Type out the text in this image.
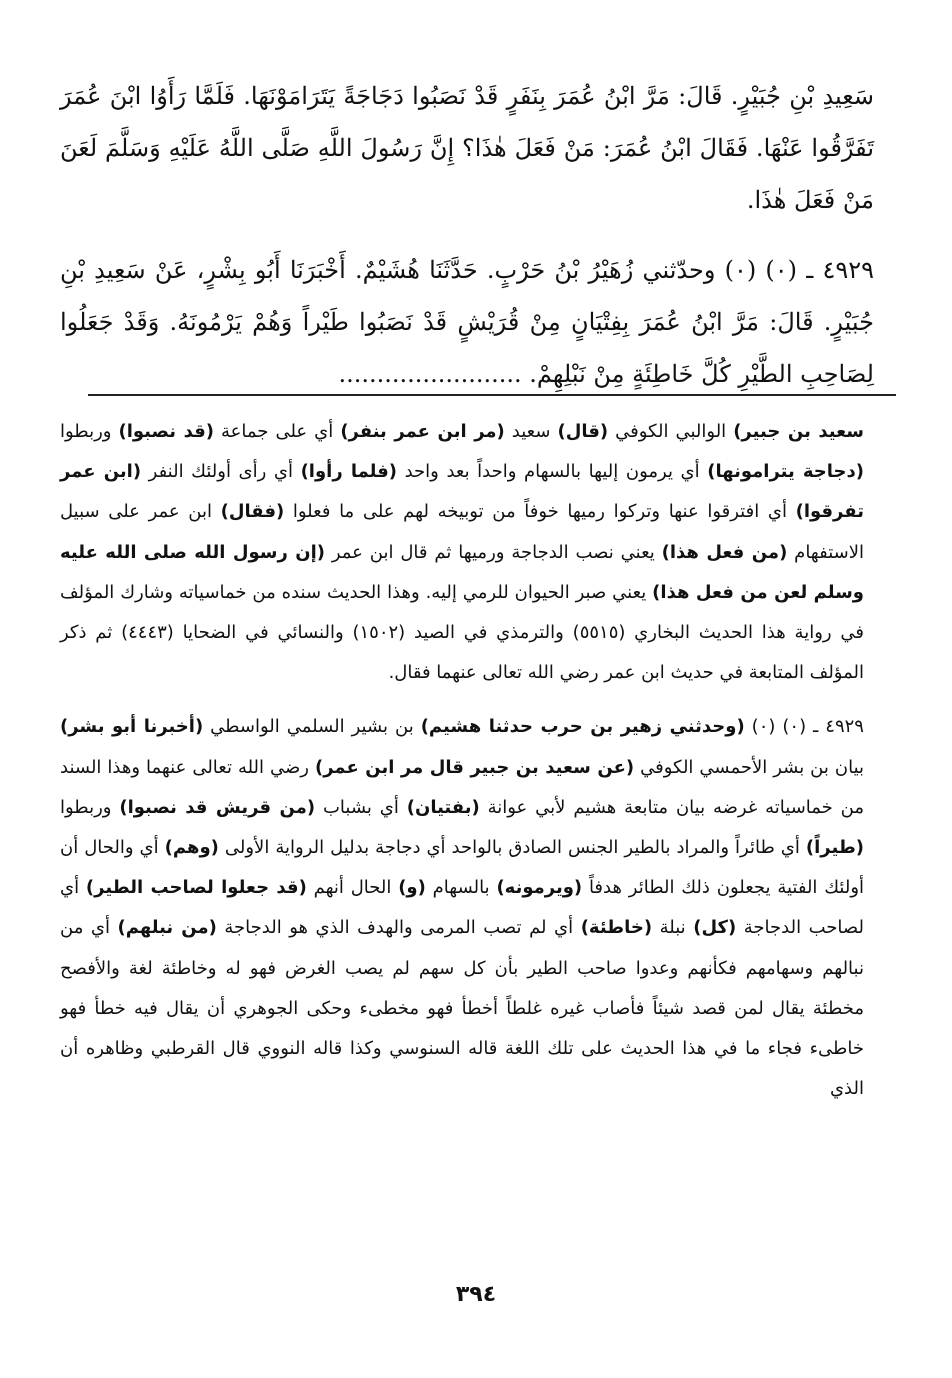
سَعِيدِ بْنِ جُبَيْرٍ. قَالَ: مَرَّ ابْنُ عُمَرَ بِنَفَرٍ قَدْ نَصَبُوا دَجَاجَةً يَتَرَامَوْنَهَا. فَلَمَّا رَأَوُا ابْنَ عُمَرَ تَفَرَّقُوا عَنْهَا. فَقَالَ ابْنُ عُمَرَ: مَنْ فَعَلَ هٰذَا؟ إِنَّ رَسُولَ اللَّهِ صَلَّى اللَّهُ عَلَيْهِ وَسَلَّمَ لَعَنَ مَنْ فَعَلَ هٰذَا.

٤٩٢٩ ـ (٠) (٠) وحدّثني زُهَيْرُ بْنُ حَرْبٍ. حَدَّثَنَا هُشَيْمٌ. أَخْبَرَنَا أَبُو بِشْرٍ، عَنْ سَعِيدِ بْنِ جُبَيْرٍ. قَالَ: مَرَّ ابْنُ عُمَرَ بِفِتْيَانٍ مِنْ قُرَيْشٍ قَدْ نَصَبُوا طَيْراً وَهُمْ يَرْمُونَهُ. وَقَدْ جَعَلُوا لِصَاحِبِ الطَّيْرِ كُلَّ خَاطِئَةٍ مِنْ نَبْلِهِمْ. ........................

سعيد بن جبير) الوالبي الكوفي (قال) سعيد (مر ابن عمر بنفر) أي على جماعة (قد نصبوا) وربطوا (دجاجة يترامونها) أي يرمون إليها بالسهام واحداً بعد واحد (فلما رأوا) أي رأى أولئك النفر (ابن عمر تفرقوا) أي افترقوا عنها وتركوا رميها خوفاً من توبيخه لهم على ما فعلوا (فقال) ابن عمر على سبيل الاستفهام (من فعل هذا) يعني نصب الدجاجة ورميها ثم قال ابن عمر (إن رسول الله صلى الله عليه وسلم لعن من فعل هذا) يعني صبر الحيوان للرمي إليه. وهذا الحديث سنده من خماسياته وشارك المؤلف في رواية هذا الحديث البخاري (٥٥١٥) والترمذي في الصيد (١٥٠٢) والنسائي في الضحايا (٤٤٤٣) ثم ذكر المؤلف المتابعة في حديث ابن عمر رضي الله تعالى عنهما فقال.

٤٩٢٩ ـ (٠) (٠) (وحدثني زهير بن حرب حدثنا هشيم) بن بشير السلمي الواسطي (أخبرنا أبو بشر) بيان بن بشر الأحمسي الكوفي (عن سعيد بن جبير قال مر ابن عمر) رضي الله تعالى عنهما وهذا السند من خماسياته غرضه بيان متابعة هشيم لأبي عوانة (بفتيان) أي بشباب (من قريش قد نصبوا) وربطوا (طيراً) أي طائراً والمراد بالطير الجنس الصادق بالواحد أي دجاجة بدليل الرواية الأولى (وهم) أي والحال أن أولئك الفتية يجعلون ذلك الطائر هدفاً (ويرمونه) بالسهام (و) الحال أنهم (قد جعلوا لصاحب الطير) أي لصاحب الدجاجة (كل) نبلة (خاطئة) أي لم تصب المرمى والهدف الذي هو الدجاجة (من نبلهم) أي من نبالهم وسهامهم فكأنهم وعدوا صاحب الطير بأن كل سهم لم يصب الغرض فهو له وخاطئة لغة والأفصح مخطئة يقال لمن قصد شيئاً فأصاب غيره غلطاً أخطأ فهو مخطىء وحكى الجوهري أن يقال فيه خطأ فهو خاطىء فجاء ما في هذا الحديث على تلك اللغة قاله السنوسي وكذا قاله النووي قال القرطبي وظاهره أن الذي

٣٩٤
